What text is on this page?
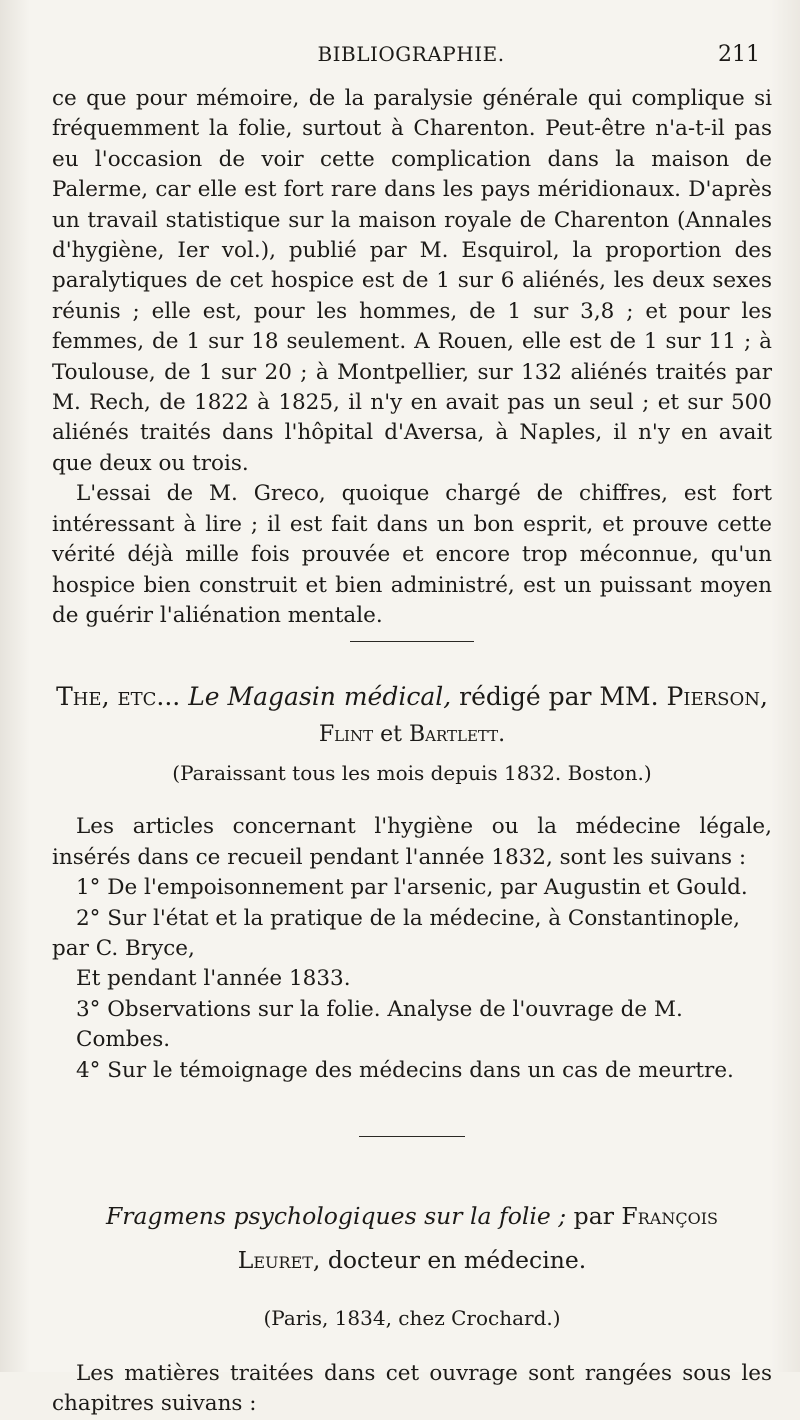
BIBLIOGRAPHIE.	211

ce que pour mémoire, de la paralysie générale qui complique si fréquemment la folie, surtout à Charenton. Peut-être n'a-t-il pas eu l'occasion de voir cette complication dans la maison de Palerme, car elle est fort rare dans les pays méridionaux. D'après un travail statistique sur la maison royale de Charenton (Annales d'hygiène, Ier vol.), publié par M. Esquirol, la proportion des paralytiques de cet hospice est de 1 sur 6 aliénés, les deux sexes réunis ; elle est, pour les hommes, de 1 sur 3,8 ; et pour les femmes, de 1 sur 18 seulement. A Rouen, elle est de 1 sur 11 ; à Toulouse, de 1 sur 20 ; à Montpellier, sur 132 aliénés traités par M. Rech, de 1822 à 1825, il n'y en avait pas un seul ; et sur 500 aliénés traités dans l'hôpital d'Aversa, à Naples, il n'y en avait que deux ou trois.

L'essai de M. Greco, quoique chargé de chiffres, est fort intéressant à lire ; il est fait dans un bon esprit, et prouve cette vérité déjà mille fois prouvée et encore trop méconnue, qu'un hospice bien construit et bien administré, est un puissant moyen de guérir l'aliénation mentale.

The, etc... Le Magasin médical, rédigé par MM. Pierson,

Flint et Bartlett.

(Paraissant tous les mois depuis 1832. Boston.)

Les articles concernant l'hygiène ou la médecine légale, insérés dans ce recueil pendant l'année 1832, sont les suivans :

1° De l'empoisonnement par l'arsenic, par Augustin et Gould.

2° Sur l'état et la pratique de la médecine, à Constantinople,

par C. Bryce,

Et pendant l'année 1833.

3° Observations sur la folie. Analyse de l'ouvrage de M. Combes.

4° Sur le témoignage des médecins dans un cas de meurtre.

Fragmens psychologiques sur la folie ; par François

Leuret, docteur en médecine.

(Paris, 1834, chez Crochard.)

Les matières traitées dans cet ouvrage sont rangées sous les chapitres suivans :
